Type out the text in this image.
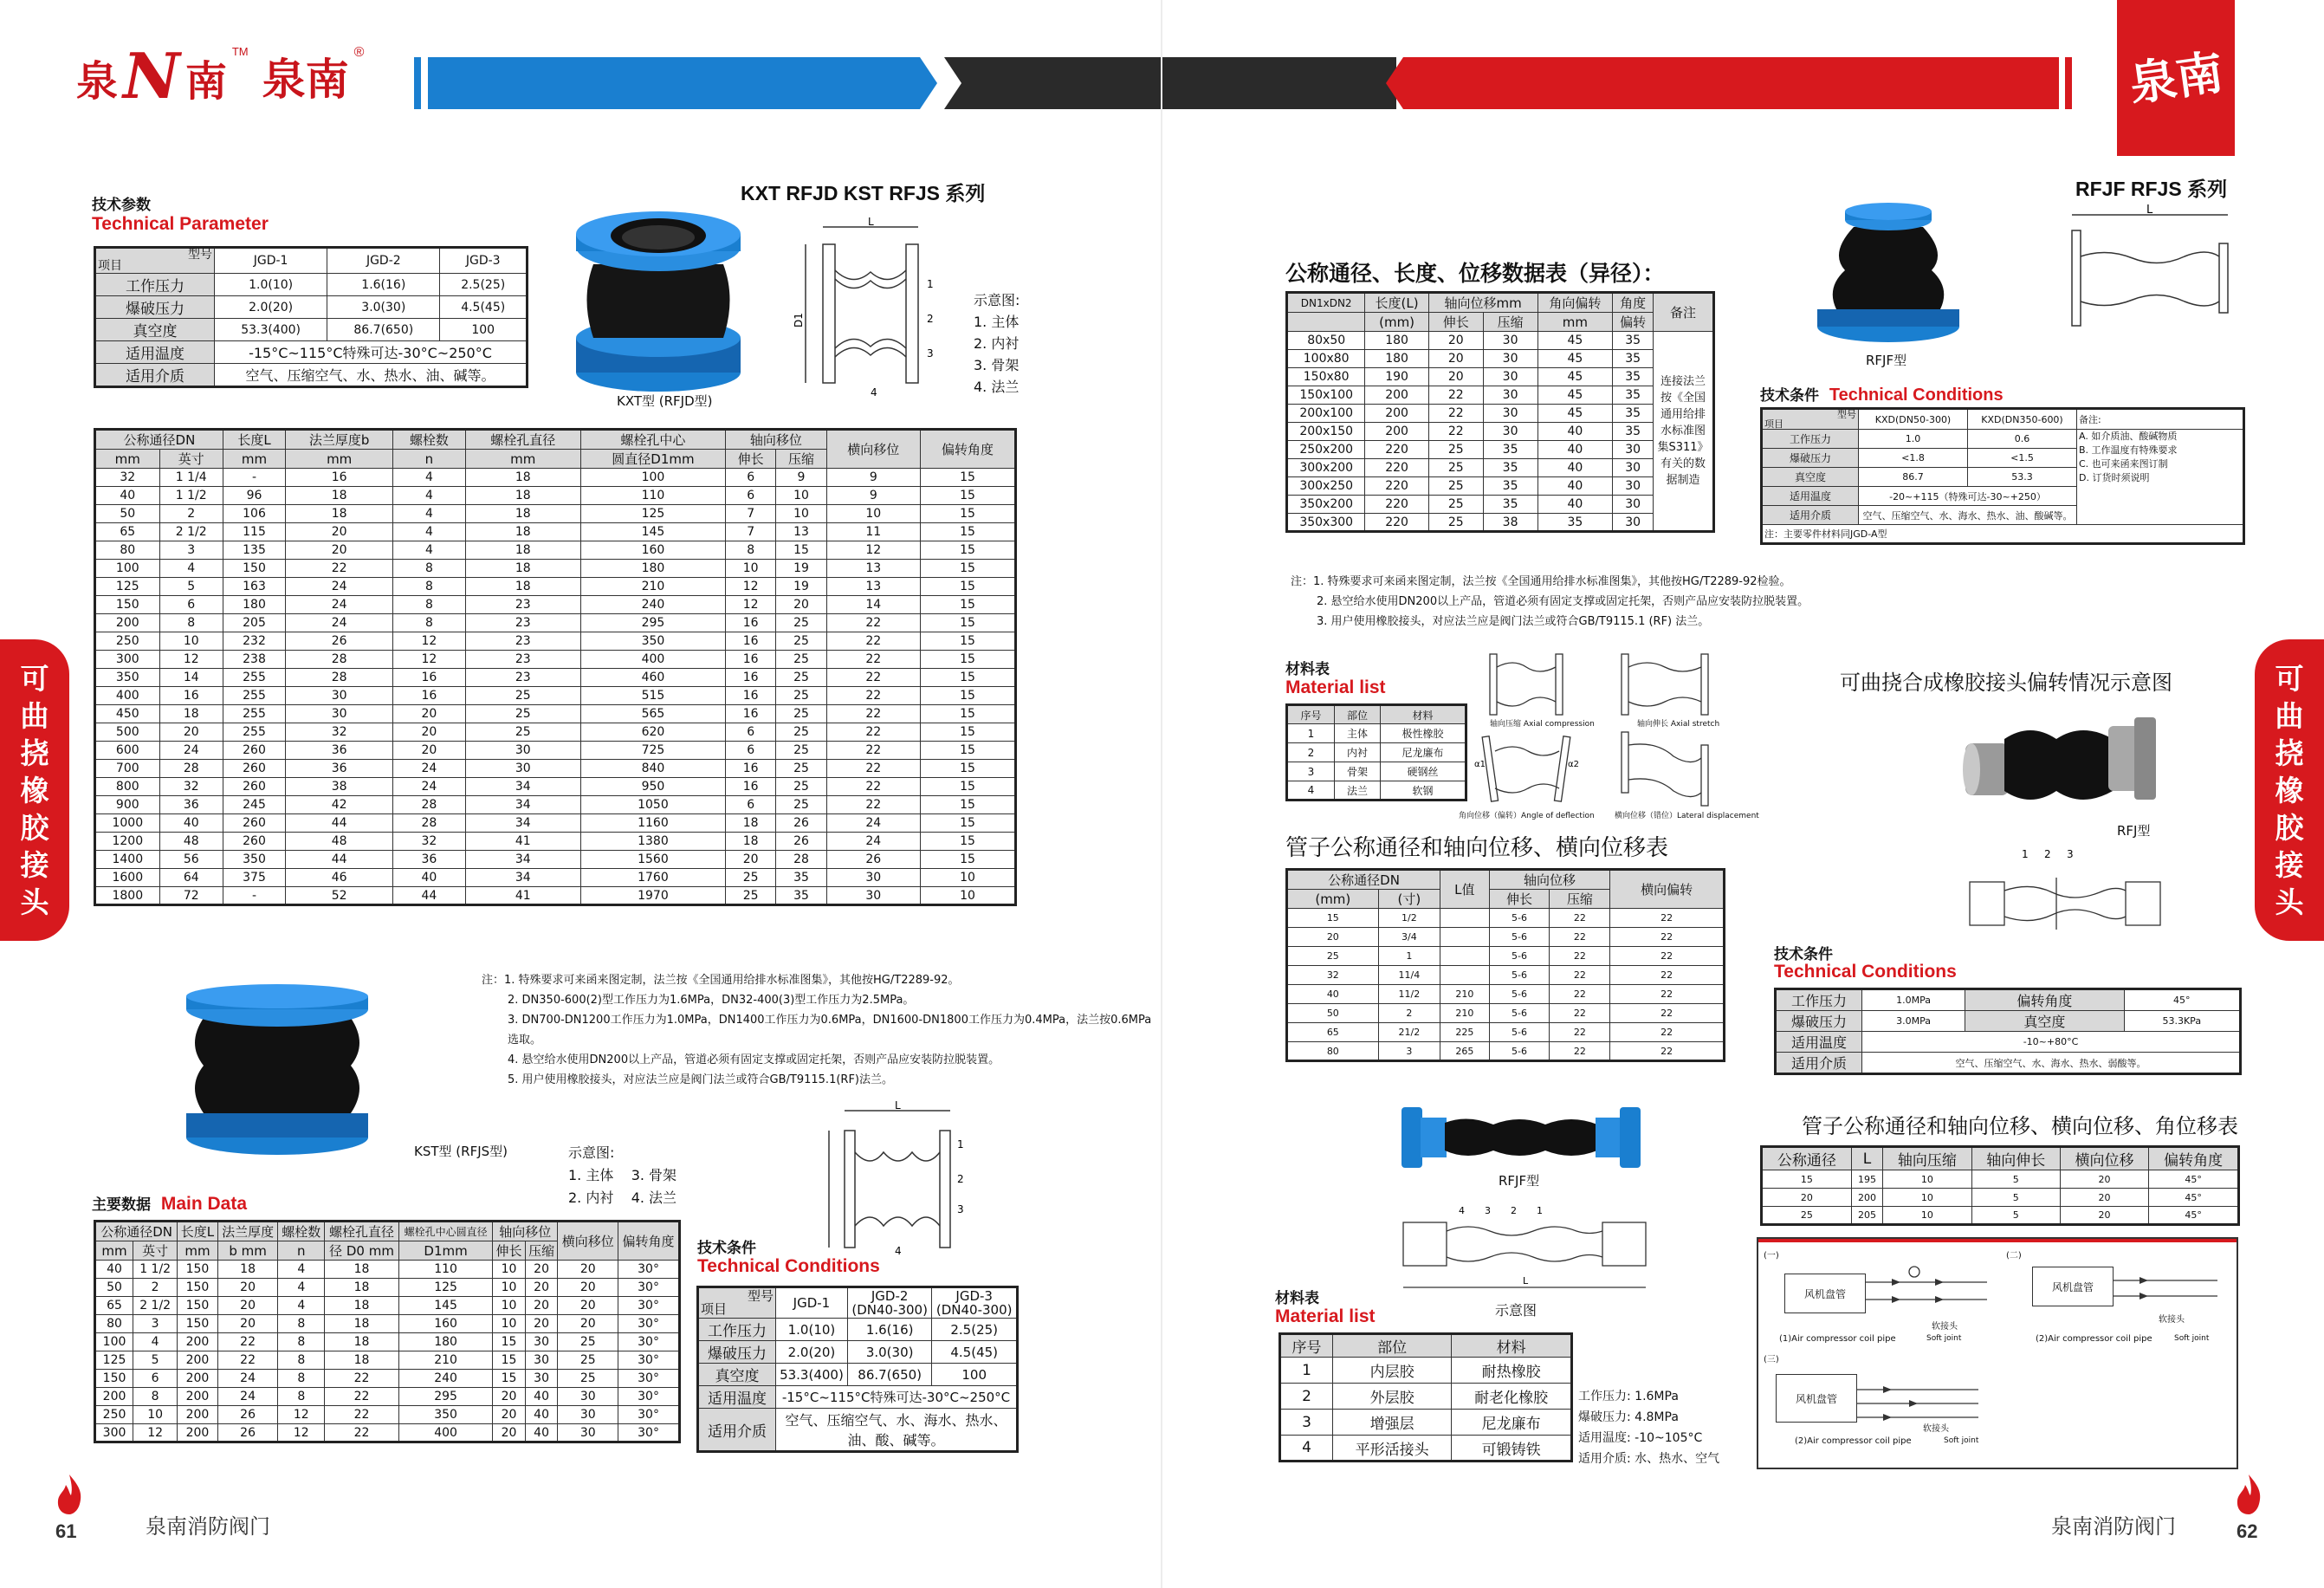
泉 N 南
TM
泉南
®
KXT RFJD KST RFJS 系列
技术参数
Technical Parameter
型号
项目	JGD-1	JGD-2	JGD-3
工作压力	1.0(10)	1.6(16)	2.5(25)
爆破压力	2.0(20)	3.0(30)	4.5(45)
真空度	53.3(400)	86.7(650)	100
适用温度	-15°C~115°C特殊可达-30°C~250°C		
适用介质	空气、压缩空气、水、热水、油、碱等。		
KXT型 (RFJD型)
L
D1
1
2
3
4
示意图:
1. 主体
2. 内衬
3. 骨架
4. 法兰
公称通径DN		长度L	法兰厚度b	螺栓数	螺栓孔直径	螺栓孔中心	轴向移位		横向移位	偏转角度
mm	英寸	mm	mm	n	mm	圆直径D1mm	伸长	压缩		
32	1 1/4	-	16	4	18	100	6	9	9	15
40	1 1/2	96	18	4	18	110	6	10	9	15
50	2	106	18	4	18	125	7	10	10	15
65	2 1/2	115	20	4	18	145	7	13	11	15
80	3	135	20	4	18	160	8	15	12	15
100	4	150	22	8	18	180	10	19	13	15
125	5	163	24	8	18	210	12	19	13	15
150	6	180	24	8	23	240	12	20	14	15
200	8	205	24	8	23	295	16	25	22	15
250	10	232	26	12	23	350	16	25	22	15
300	12	238	28	12	23	400	16	25	22	15
350	14	255	28	16	23	460	16	25	22	15
400	16	255	30	16	25	515	16	25	22	15
450	18	255	30	20	25	565	16	25	22	15
500	20	255	32	20	25	620	6	25	22	15
600	24	260	36	20	30	725	6	25	22	15
700	28	260	36	24	30	840	16	25	22	15
800	32	260	38	24	34	950	16	25	22	15
900	36	245	42	28	34	1050	6	25	22	15
1000	40	260	44	28	34	1160	18	26	24	15
1200	48	260	48	32	41	1380	18	26	24	15
1400	56	350	44	36	34	1560	20	28	26	15
1600	64	375	46	40	34	1760	25	35	30	10
1800	72	-	52	44	41	1970	25	35	30	10
注：1. 特殊要求可来函来图定制，法兰按《全国通用给排水标准图集》，其他按HG/T2289-92。
2. DN350-600(2)型工作压力为1.6MPa，DN32-400(3)型工作压力为2.5MPa。
3. DN700-DN1200工作压力为1.0MPa，DN1400工作压力为0.6MPa，DN1600-DN1800工作压力为0.4MPa，法兰按0.6MPa选取。
4. 悬空给水使用DN200以上产品，管道必须有固定支撑或固定托架，否则产品应安装防拉脱装置。
5. 用户使用橡胶接头，对应法兰应是阀门法兰或符合GB/T9115.1(RF)法兰。
KST型 (RFJS型)	示意图:
1. 主体 3. 骨架
2. 内衬 4. 法兰
L
1
2
3
4
主要数据 Main Data
公称通径DN		长度L	法兰厚度	螺栓数	螺栓孔直径	螺栓孔中心圆直径	轴向移位		横向移位	偏转角度
mm	英寸	mm	b mm	n	径 D0 mm	D1mm	伸长	压缩		
40	1 1/2	150	18	4	18	110	10	20	20	30°
50	2	150	20	4	18	125	10	20	20	30°
65	2 1/2	150	20	4	18	145	10	20	20	30°
80	3	150	20	8	18	160	10	20	20	30°
100	4	200	22	8	18	180	15	30	25	30°
125	5	200	22	8	18	210	15	30	25	30°
150	6	200	24	8	22	240	15	30	25	30°
200	8	200	24	8	22	295	20	40	30	30°
250	10	200	26	12	22	350	20	40	30	30°
300	12	200	26	12	22	400	20	40	30	30°
技术条件
Technical Conditions
型号
项目	JGD-1	JGD-2
(DN40-300)	JGD-3
(DN40-300)
工作压力	1.0(10)	1.6(16)	2.5(25)
爆破压力	2.0(20)	3.0(30)	4.5(45)
真空度	53.3(400)	86.7(650)	100
适用温度	-15°C~115°C特殊可达-30°C~250°C		
适用介质	空气、压缩空气、水、海水、热水、油、酸、碱等。		
可
曲
挠
橡
胶
接
头
61	泉南消防阀门
泉南
RFJF RFJS 系列
RFJF型
L
公称通径、长度、位移数据表（异径）：
DN1xDN2	长度(L)	轴向位移mm		角向偏转	角度	备注
	(mm)	伸长	压缩	mm	偏转	
80x50	180	20	30	45	35	连接法兰按《全国通用给排水标准图集S311》有关的数据制造
100x80	180	20	30	45	35	
150x80	190	20	30	45	35	
150x100	200	22	30	45	35	
200x100	200	22	30	45	35	
200x150	200	22	30	40	35	
250x200	220	25	35	40	30	
300x200	220	25	35	40	30	
300x250	220	25	35	40	30	
350x200	220	25	35	40	30	
350x300	220	25	38	35	30	
技术条件 Technical Conditions
型号
项目	KXD(DN50-300)	KXD(DN350-600)	备注:
工作压力	1.0	0.6	A. 如介质油、酸碱物质
B. 工作温度有特殊要求
C. 也可来函来图订制
D. 订货时须说明

爆破压力	<1.8	<1.5	
真空度	86.7	53.3	
适用温度	-20~+115（特殊可达-30~+250）		
适用介质	空气、压缩空气、水、海水、热水、油、酸碱等。		
注：主要零件材料同JGD-A型			
注：1. 特殊要求可来函来图定制，法兰按《全国通用给排水标准图集》，其他按HG/T2289-92检验。
2. 悬空给水使用DN200以上产品，管道必须有固定支撑或固定托架，否则产品应安装防拉脱装置。
3. 用户使用橡胶接头，对应法兰应是阀门法兰或符合GB/T9115.1 (RF) 法兰。
材料表
Material list
序号	部位	材料
1	主体	极性橡胶
2	内衬	尼龙廉布
3	骨架	硬钢丝
4	法兰	软钢
α1	α2
轴向压缩 Axial compression	轴向伸长 Axial stretch
角向位移（偏转）Angle of deflection	横向位移（错位）Lateral displacement
可曲挠合成橡胶接头偏转情况示意图
RFJ型
1 2 3
管子公称通径和轴向位移、横向位移表
公称通径DN		L值	轴向位移		横向偏转
(mm)	(寸)		伸长	压缩	
15	1/2		5-6	22	22
20	3/4		5-6	22	22
25	1		5-6	22	22
32	11/4		5-6	22	22
40	11/2	210	5-6	22	22
50	2	210	5-6	22	22
65	21/2	225	5-6	22	22
80	3	265	5-6	22	22
技术条件
Technical Conditions
工作压力	1.0MPa	偏转角度	45°
爆破压力	3.0MPa	真空度	53.3KPa
适用温度	-10~+80°C		
适用介质	空气、压缩空气、水、海水、热水、弱酸等。		
RFJF型
4 3 2 1
L
示意图
管子公称通径和轴向位移、横向位移、角位移表
公称通径	L	轴向压缩	轴向伸长	横向位移	偏转角度
15	195	10	5	20	45°
20	200	10	5	20	45°
25	205	10	5	20	45°
材料表
Material list
序号	部位	材料
1	内层胶	耐热橡胶
2	外层胶	耐老化橡胶
3	增强层	尼龙廉布
4	平形活接头	可锻铸铁
工作压力: 1.6MPa
爆破压力: 4.8MPa
适用温度: -10~105°C
适用介质: 水、热水、空气
(一)	(二)
(三)
风机盘管
风机盘管
风机盘管
软接头
软接头
软接头
(1)Air compressor coil pipe	Soft joint	(2)Air compressor coil pipe	Soft joint
(2)Air compressor coil pipe	Soft joint
可
曲
挠
橡
胶
接
头
62
泉南消防阀门
